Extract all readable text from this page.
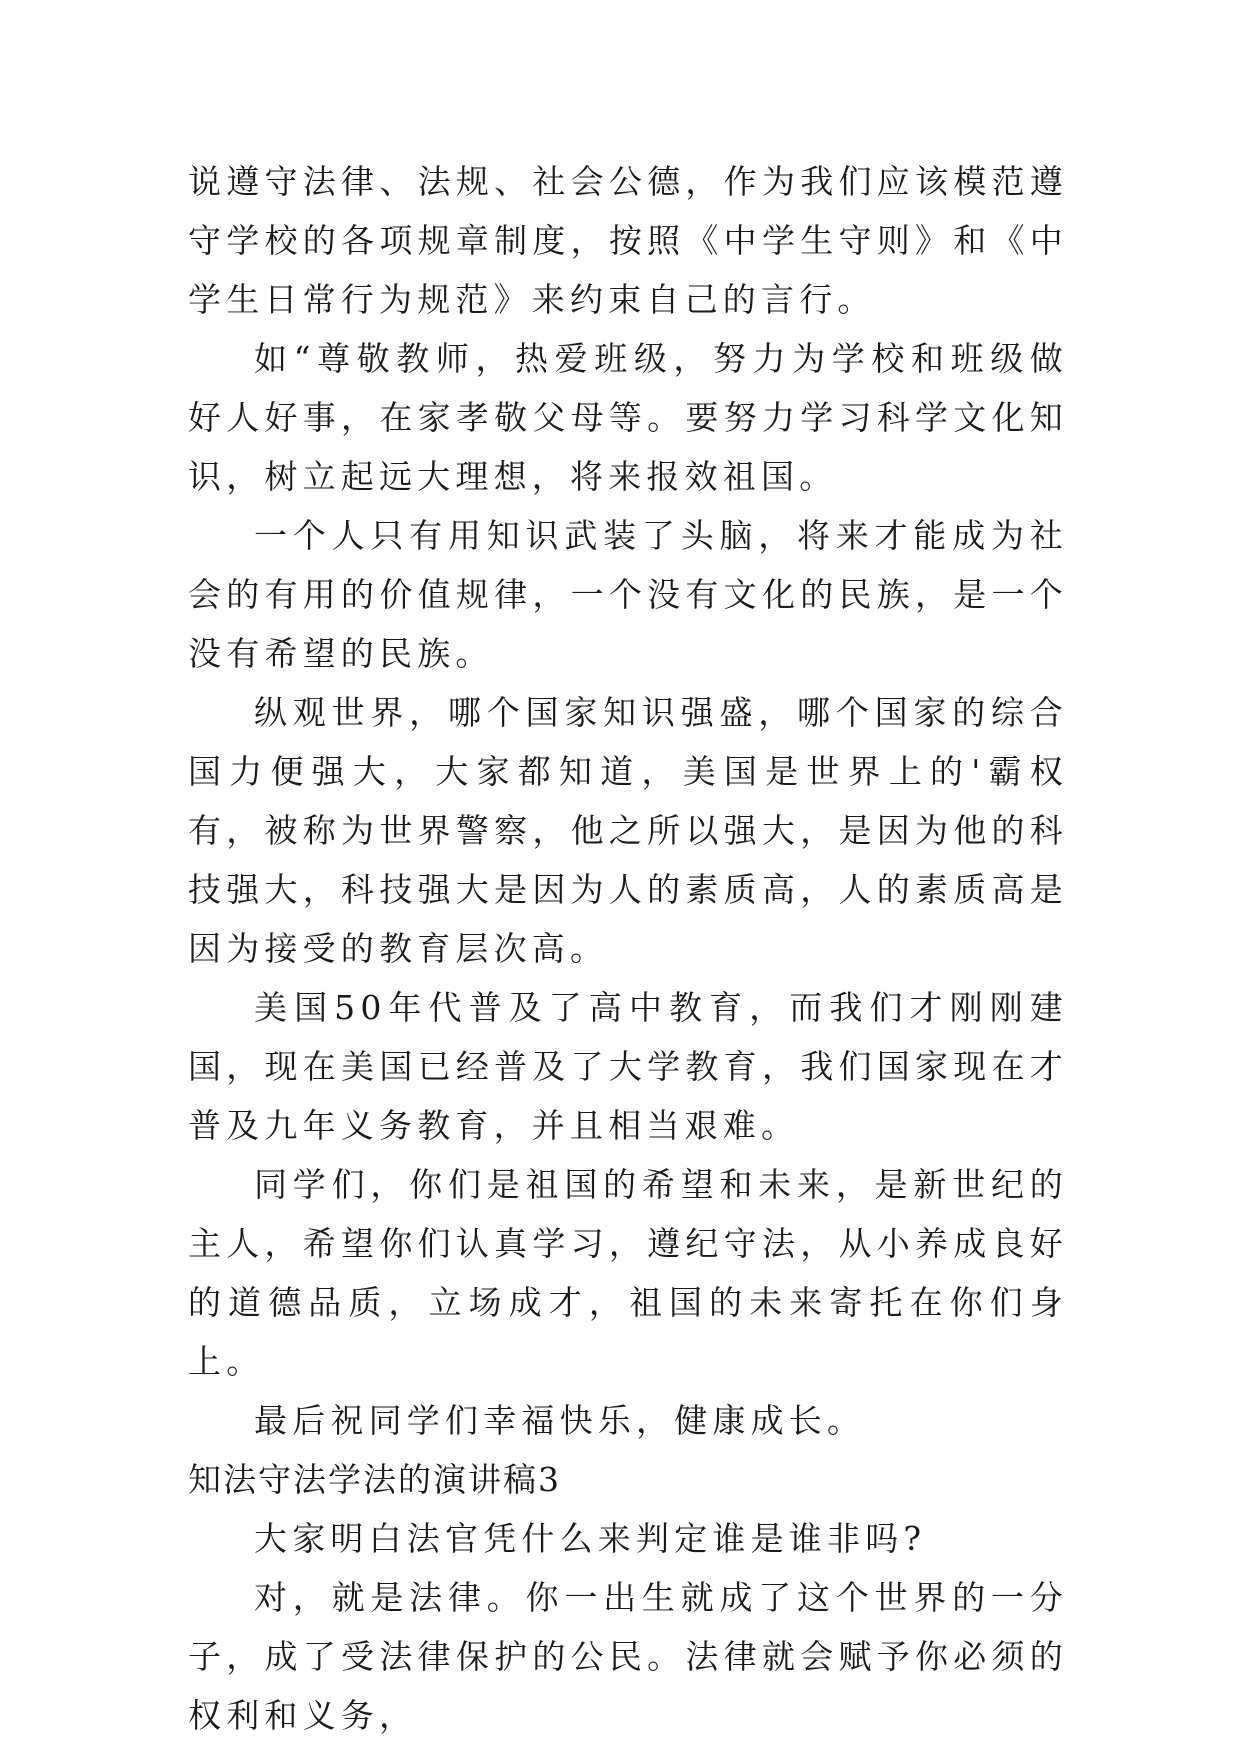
说遵守法律、法规、社会公德，作为我们应该模范遵守学校的各项规章制度，按照《中学生守则》和《中学生日常行为规范》来约束自己的言行。

如“尊敬教师，热爱班级，努力为学校和班级做好人好事，在家孝敬父母等。要努力学习科学文化知识，树立起远大理想，将来报效祖国。

一个人只有用知识武装了头脑，将来才能成为社会的有用的价值规律，一个没有文化的民族，是一个没有希望的民族。

纵观世界，哪个国家知识强盛，哪个国家的综合国力便强大，大家都知道，美国是世界上的'霸权有，被称为世界警察，他之所以强大，是因为他的科技强大，科技强大是因为人的素质高，人的素质高是因为接受的教育层次高。

美国50年代普及了高中教育，而我们才刚刚建国，现在美国已经普及了大学教育，我们国家现在才普及九年义务教育，并且相当艰难。

同学们，你们是祖国的希望和未来，是新世纪的主人，希望你们认真学习，遵纪守法，从小养成良好的道德品质，立场成才，祖国的未来寄托在你们身上。

最后祝同学们幸福快乐，健康成长。

知法守法学法的演讲稿3

大家明白法官凭什么来判定谁是谁非吗?

对，就是法律。你一出生就成了这个世界的一分子，成了受法律保护的公民。法律就会赋予你必须的权利和义务，
